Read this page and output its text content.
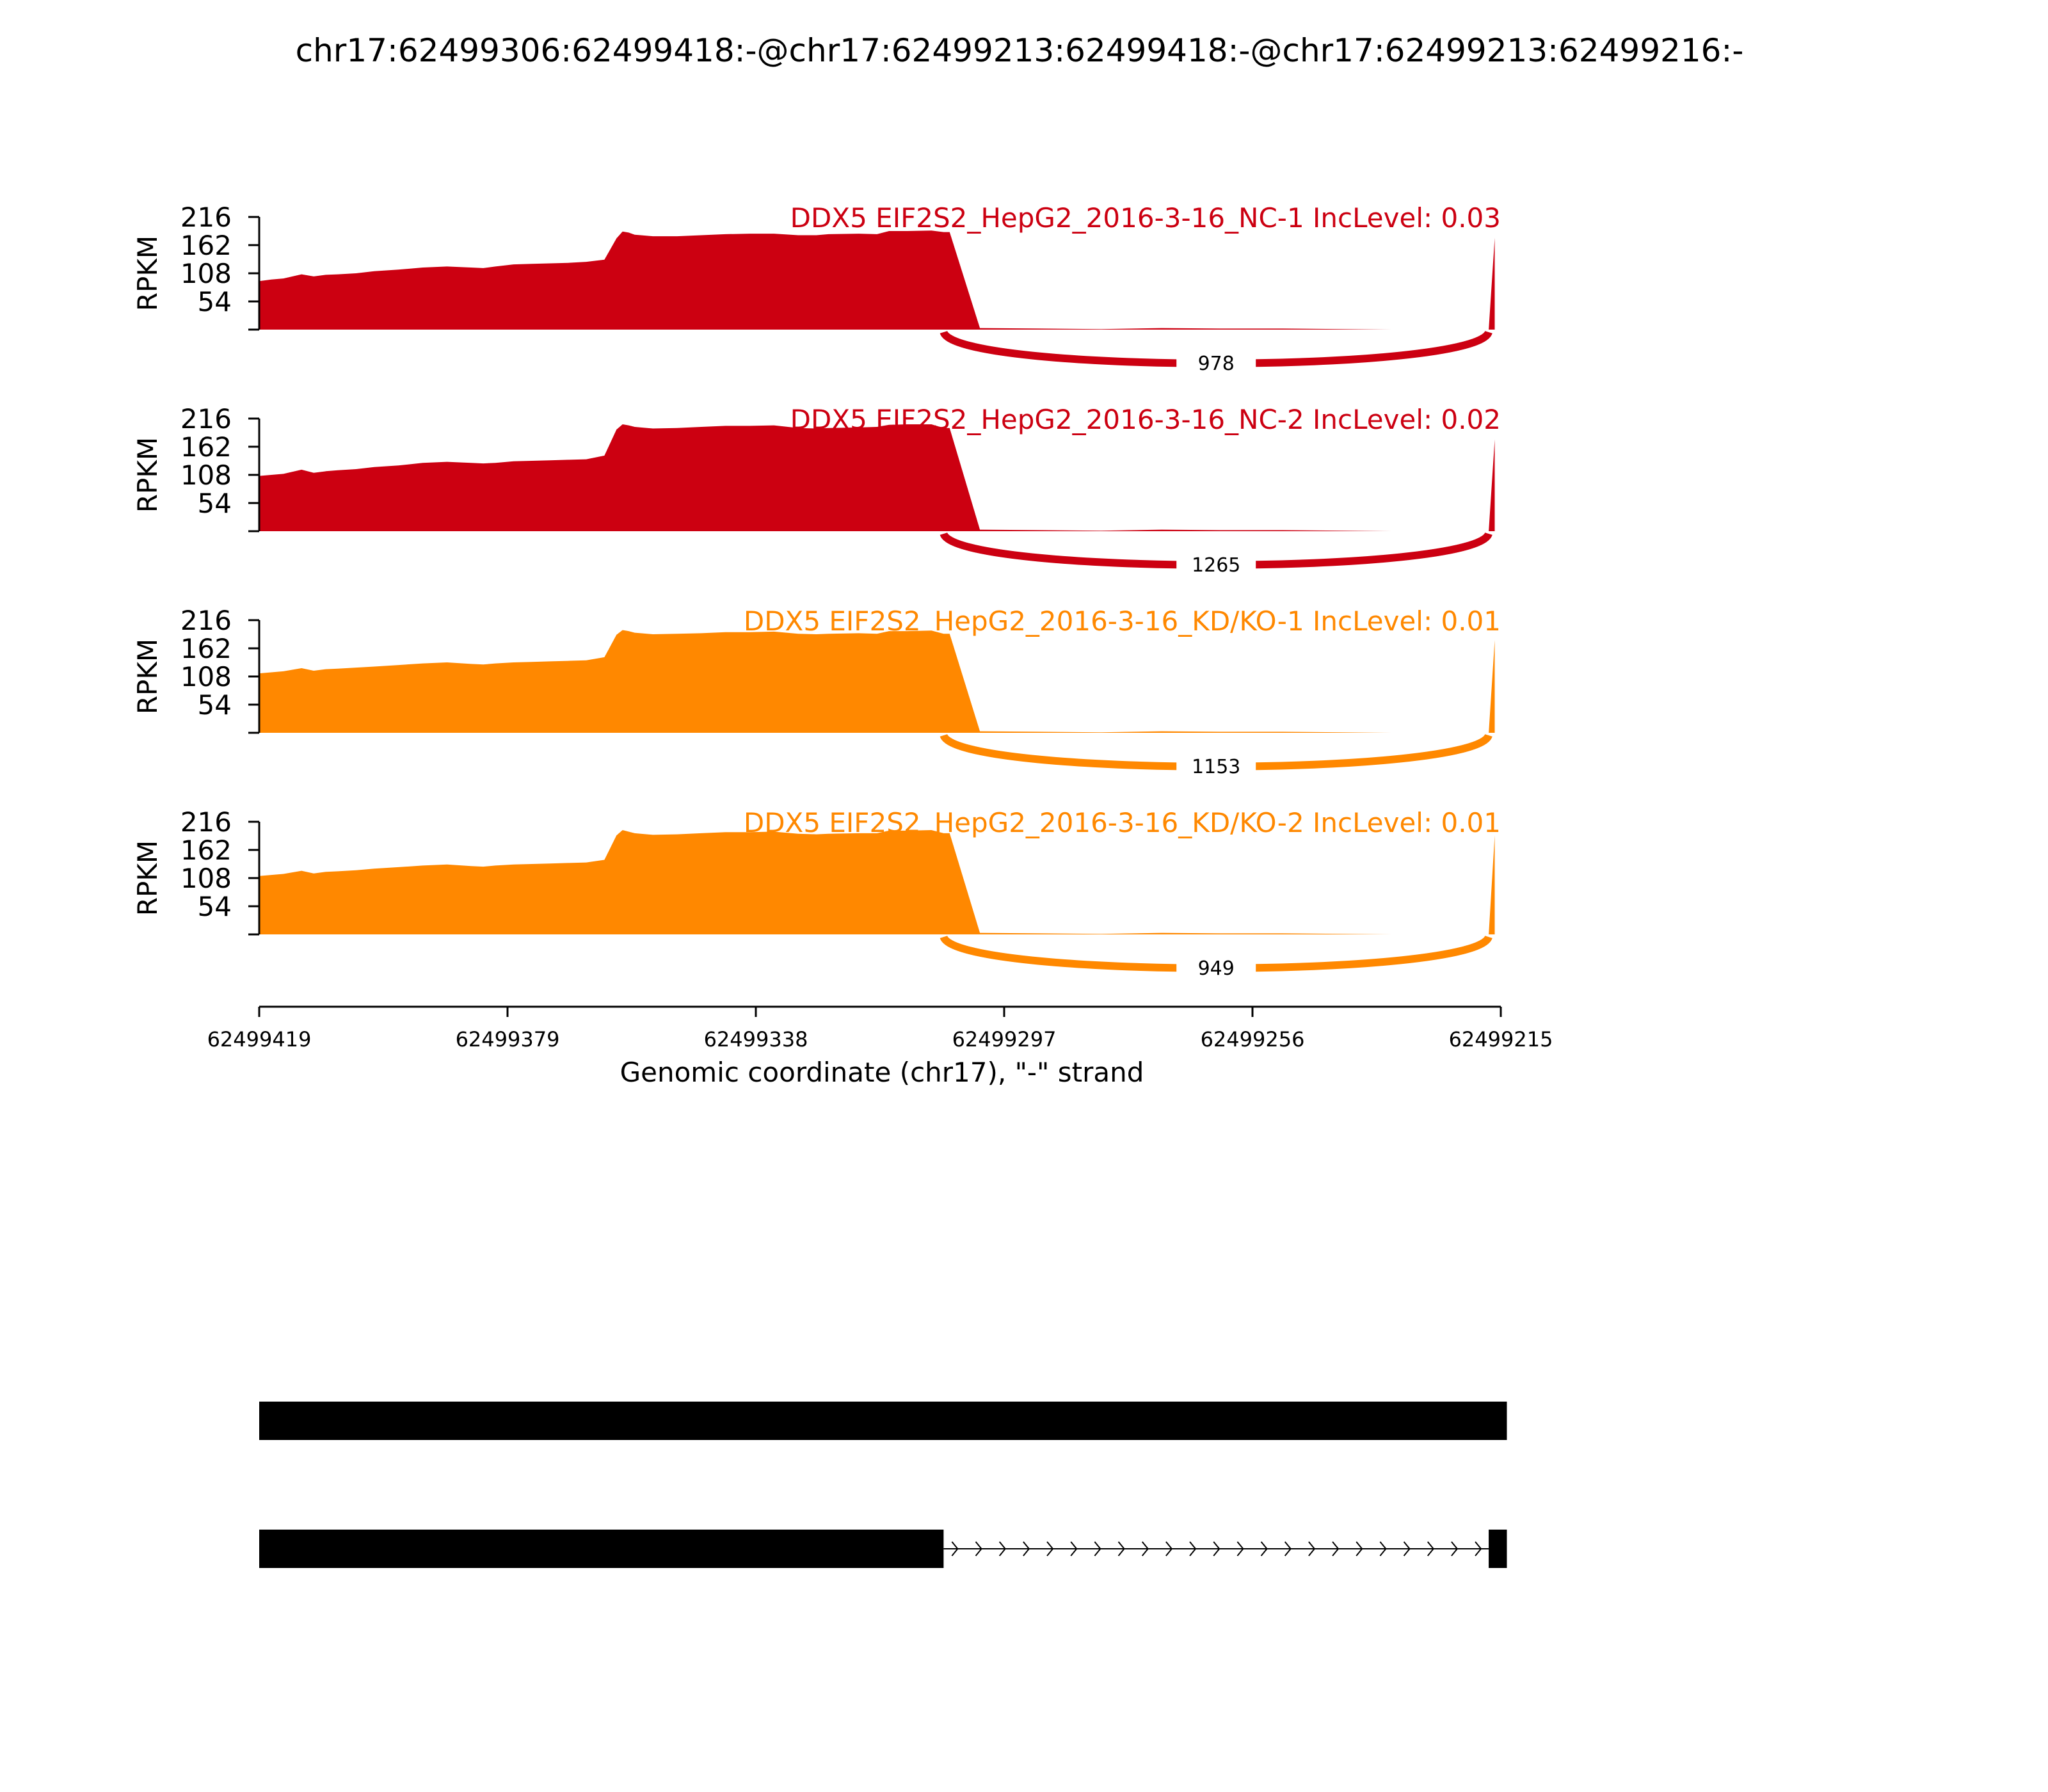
chr17:62499306:62499418:-@chr17:62499213:62499418:-@chr17:62499213:62499216:-
54
108
162
216
RPKM
DDX5 EIF2S2_HepG2_2016-3-16_NC-1 IncLevel: 0.03
978
54
108
162
216
RPKM
DDX5 EIF2S2_HepG2_2016-3-16_NC-2 IncLevel: 0.02
1265
54
108
162
216
RPKM
DDX5 EIF2S2_HepG2_2016-3-16_KD/KO-1 IncLevel: 0.01
1153
54
108
162
216
RPKM
DDX5 EIF2S2_HepG2_2016-3-16_KD/KO-2 IncLevel: 0.01
949
62499419	62499379	62499338	62499297	62499256	62499215
Genomic coordinate (chr17), "-" strand
